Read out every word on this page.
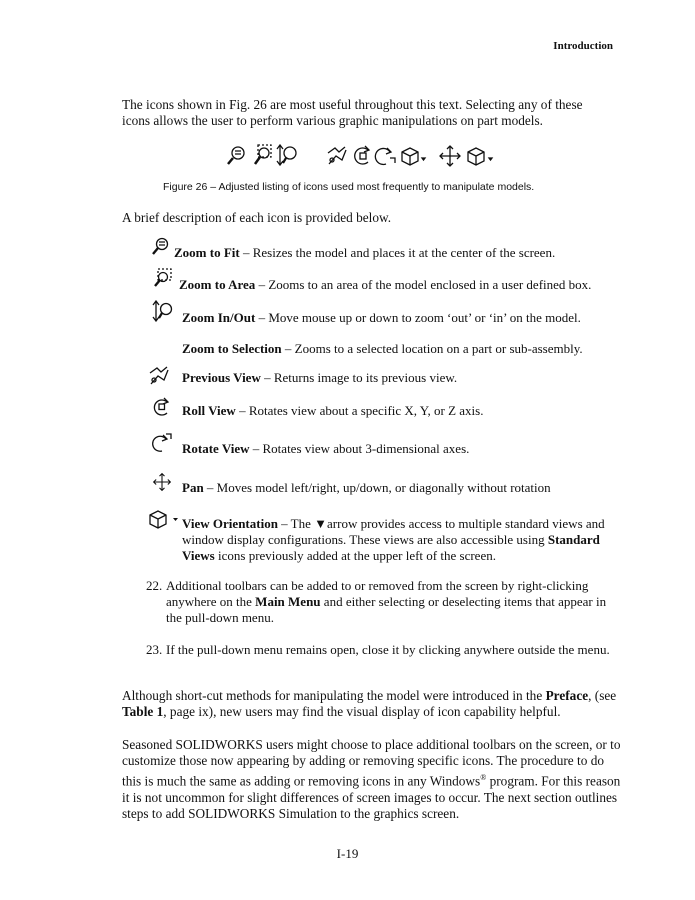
Introduction
The icons shown in Fig. 26 are most useful throughout this text. Selecting any of these icons allows the user to perform various graphic manipulations on part models.
Figure 26 – Adjusted listing of icons used most frequently to manipulate models.
A brief description of each icon is provided below.
Zoom to Fit – Resizes the model and places it at the center of the screen.
Zoom to Area – Zooms to an area of the model enclosed in a user defined box.
Zoom In/Out – Move mouse up or down to zoom ‘out’ or ‘in’ on the model.
Zoom to Selection – Zooms to a selected location on a part or sub-assembly.
Previous View – Returns image to its previous view.
Roll View – Rotates view about a specific X, Y, or Z axis.
Rotate View – Rotates view about 3-dimensional axes.
Pan – Moves model left/right, up/down, or diagonally without rotation
View Orientation – The ▼arrow provides access to multiple standard views and window display configurations. These views are also accessible using Standard Views icons previously added at the upper left of the screen.
22. Additional toolbars can be added to or removed from the screen by right-clicking anywhere on the Main Menu and either selecting or deselecting items that appear in the pull-down menu.
23. If the pull-down menu remains open, close it by clicking anywhere outside the menu.
Although short-cut methods for manipulating the model were introduced in the Preface, (see Table 1, page ix), new users may find the visual display of icon capability helpful.
Seasoned SOLIDWORKS users might choose to place additional toolbars on the screen, or to customize those now appearing by adding or removing specific icons. The procedure to do this is much the same as adding or removing icons in any Windows® program. For this reason it is not uncommon for slight differences of screen images to occur. The next section outlines steps to add SOLIDWORKS Simulation to the graphics screen.
I-19
